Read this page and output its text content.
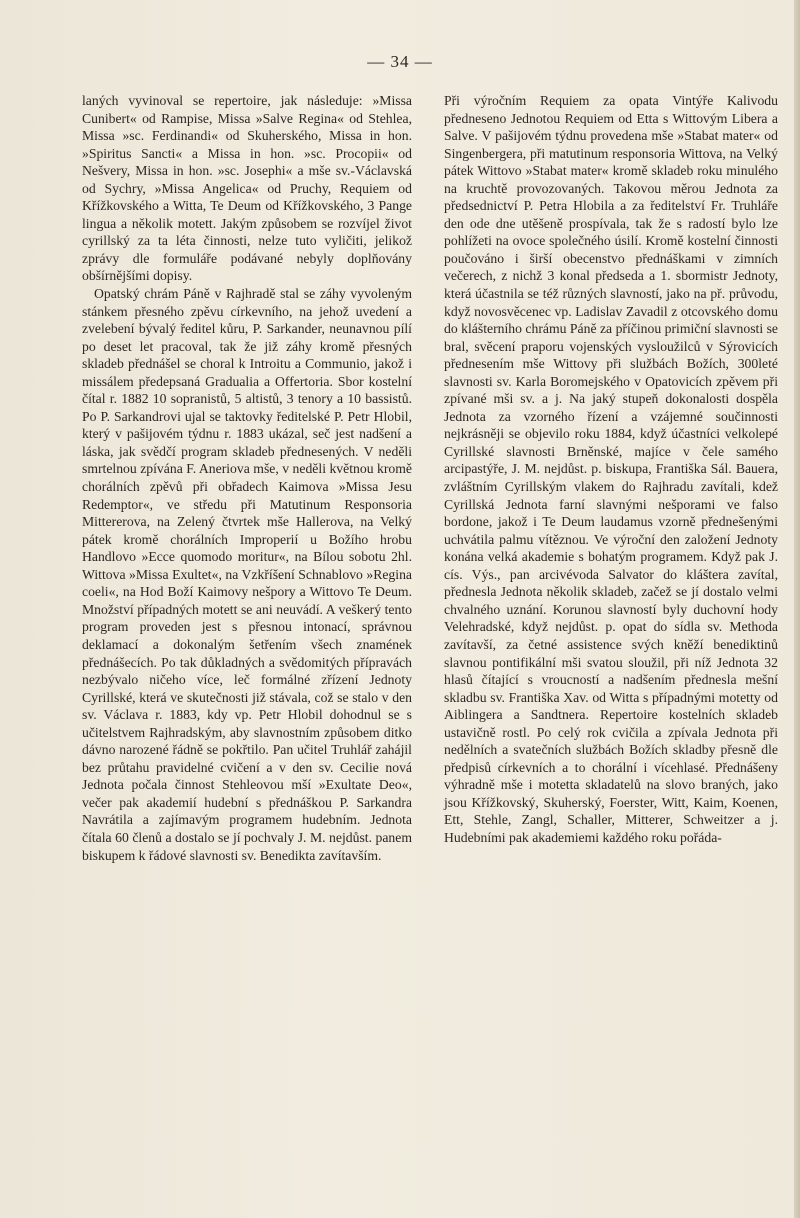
— 34 —

laných vyvinoval se repertoire, jak následuje: »Missa Cunibert« od Rampise, Missa »Salve Regina« od Stehlea, Missa »sc. Ferdinandi« od Skuherského, Missa in hon. »Spiritus Sancti« a Missa in hon. »sc. Procopii« od Nešvery, Missa in hon. »sc. Josephi« a mše sv.-Václavská od Sychry, »Missa Angelica« od Pruchy, Requiem od Křížkovského a Witta, Te Deum od Křížkovského, 3 Pange lingua a několik motett. Jakým způsobem se rozvíjel život cyrillský za ta léta činnosti, nelze tuto vyličiti, jelikož zprávy dle formuláře podávané nebyly doplňovány obšírnějšími dopisy.

Opatský chrám Páně v Rajhradě stal se záhy vyvoleným stánkem přesného zpěvu církevního, na jehož uvedení a zvelebení bývalý ředitel kůru, P. Sarkander, neunavnou pílí po deset let pracoval, tak že již záhy kromě přesných skladeb přednášel se choral k Introitu a Communio, jakož i missálem předepsaná Gradualia a Offertoria. Sbor kostelní čítal r. 1882 10 sopranistů, 5 altistů, 3 tenory a 10 bassistů. Po P. Sarkandrovi ujal se taktovky ředitelské P. Petr Hlobil, který v pašijovém týdnu r. 1883 ukázal, seč jest nadšení a láska, jak svědčí program skladeb přednesených. V neděli smrtelnou zpívána F. Aneriova mše, v neděli květnou kromě chorálních zpěvů při obřadech Kaimova »Missa Jesu Redemptor«, ve středu při Matutinum Responsoria Mittererova, na Zelený čtvrtek mše Hallerova, na Velký pátek kromě chorálních Improperií u Božího hrobu Handlovo »Ecce quomodo moritur«, na Bílou sobotu 2hl. Wittova »Missa Exultet«, na Vzkříšení Schnablovo »Regina coeli«, na Hod Boží Kaimovy nešpory a Wittovo Te Deum. Množství případných motett se ani neuvádí. A veškerý tento program proveden jest s přesnou intonací, správnou deklamací a dokonalým šetřením všech znamének přednášecích. Po tak důkladných a svědomitých přípravách nezbývalo ničeho více, leč formálné zřízení Jednoty Cyrillské, která ve skutečnosti již stávala, což se stalo v den sv. Václava r. 1883, kdy vp. Petr Hlobil dohodnul se s učitelstvem Rajhradským, aby slavnostním způsobem ditko dávno narozené řádně se pokřtilo. Pan učitel Truhlář zahájil bez průtahu pravidelné cvičení a v den sv. Cecilie nová Jednota počala činnost Stehleovou mší »Exultate Deo«, večer pak akademií hudební s přednáškou P. Sarkandra Navrátila a zajímavým programem hudebním. Jednota čítala 60 členů a dostalo se jí pochvaly J. M. nejdůst. panem biskupem k řádové slavnosti sv. Benedikta zavítavším.

Při výročním Requiem za opata Vintýře Kalivodu předneseno Jednotou Requiem od Etta s Wittovým Libera a Salve. V pašijovém týdnu provedena mše »Stabat mater« od Singenbergera, při matutinum responsoria Wittova, na Velký pátek Wittovo »Stabat mater« kromě skladeb roku minulého na kruchtě provozovaných. Takovou měrou Jednota za předsednictví P. Petra Hlobila a za ředitelství Fr. Truhláře den ode dne utěšeně prospívala, tak že s radostí bylo lze pohlížeti na ovoce společného úsilí. Kromě kostelní činnosti poučováno i širší obecenstvo přednáškami v zimních večerech, z nichž 3 konal předseda a 1. sbormistr Jednoty, která účastnila se též různých slavností, jako na př. průvodu, když novosvěcenec vp. Ladislav Zavadil z otcovského domu do klášterního chrámu Páně za příčinou primiční slavnosti se bral, svěcení praporu vojenských vysloužilců v Sýrovicích přednesením mše Wittovy při službách Božích, 300leté slavnosti sv. Karla Boromejského v Opatovicích zpěvem při zpívané mši sv. a j. Na jaký stupeň dokonalosti dospěla Jednota za vzorného řízení a vzájemné součinnosti nejkrásněji se objevilo roku 1884, když účastníci velkolepé Cyrillské slavnosti Brněnské, majíce v čele samého arcipastýře, J. M. nejdůst. p. biskupa, Františka Sál. Bauera, zvláštním Cyrillským vlakem do Rajhradu zavítali, kdež Cyrillská Jednota farní slavnými nešporami ve falso bordone, jakož i Te Deum laudamus vzorně přednešenými uchvátila palmu vítěznou. Ve výroční den založení Jednoty konána velká akademie s bohatým programem. Když pak J. cís. Výs., pan arcivévoda Salvator do kláštera zavítal, přednesla Jednota několik skladeb, začež se jí dostalo velmi chvalného uznání. Korunou slavností byly duchovní hody Velehradské, když nejdůst. p. opat do sídla sv. Methoda zavítavší, za četné assistence svých kněží benediktinů slavnou pontifikální mši svatou sloužil, při níž Jednota 32 hlasů čítající s vroucností a nadšením přednesla mešní skladbu sv. Františka Xav. od Witta s případnými motetty od Aiblingera a Sandtnera. Repertoire kostelních skladeb ustavičně rostl. Po celý rok cvičila a zpívala Jednota při nedělních a svatečních službách Božích skladby přesně dle předpisů církevních a to chorální i vícehlasé. Přednášeny výhradně mše i motetta skladatelů na slovo braných, jako jsou Křížkovský, Skuherský, Foerster, Witt, Kaim, Koenen, Ett, Stehle, Zangl, Schaller, Mitterer, Schweitzer a j. Hudebními pak akademiemi každého roku pořáda-
